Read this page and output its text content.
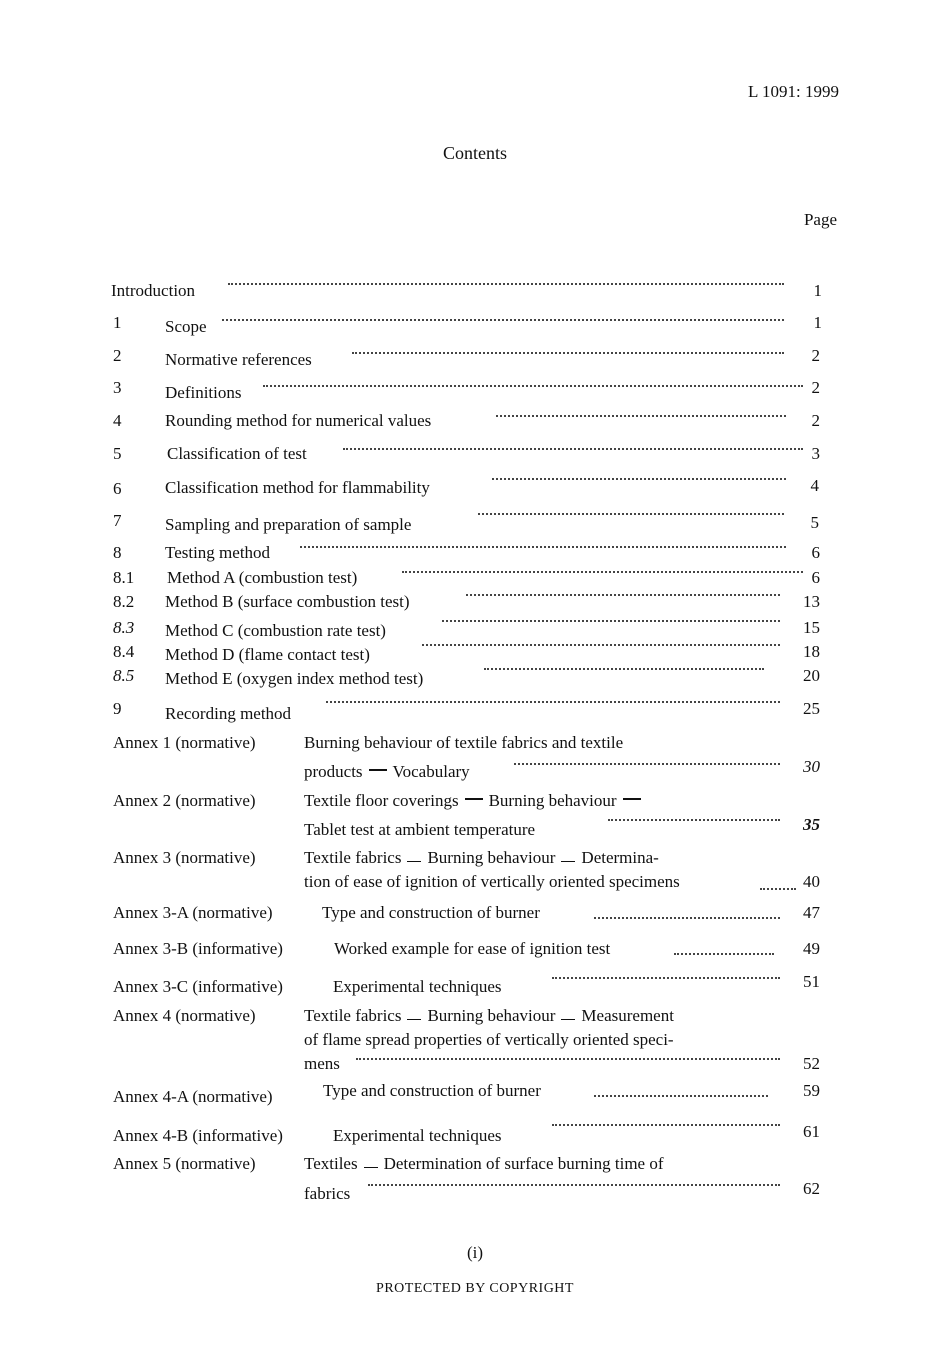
L 1091: 1999
Contents
Page
Introduction	1
1	Scope	1
2	Normative references	2
3	Definitions	2
4	Rounding method for numerical values	2
5	Classification of test	3
6	Classification method for flammability	4
7	Sampling and preparation of sample	5
8	Testing method	6
8.1 Method A (combustion test)	6
8.2 Method B (surface combustion test)	13
8.3 Method C (combustion rate test)	15
8.4 Method D (flame contact test)	18
8.5 Method E (oxygen index method test)	20
9	Recording method	25
Annex 1 (normative)	Burning behaviour of textile fabrics and textile
products Vocabulary	30
Annex 2 (normative)	Textile floor coverings Burning behaviour
Tablet test at ambient temperature	35
Annex 3 (normative)	Textile fabrics Burning behaviour Determina-
tion of ease of ignition of vertically oriented specimens	40
Annex 3-A (normative)	Type and construction of burner	47
Annex 3-B (informative)	Worked example for ease of ignition test	49
Annex 3-C (informative)	Experimental techniques	51
Annex 4 (normative)	Textile fabrics Burning behaviour Measurement
of flame spread properties of vertically oriented speci-
mens	52
Annex 4-A (normative)	Type and construction of burner	59
Annex 4-B (informative)	Experimental techniques	61
Annex 5 (normative)	Textiles Determination of surface burning time of
fabrics	62
(i)
PROTECTED BY COPYRIGHT
